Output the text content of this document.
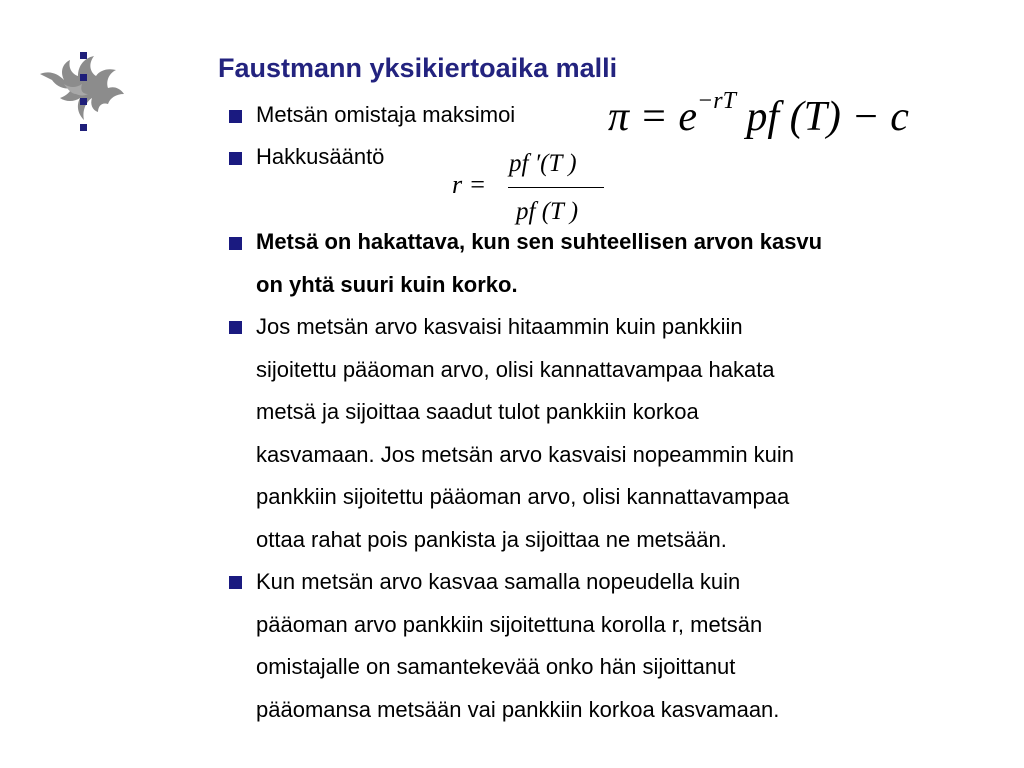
Faustmann yksikiertoaika malli
Metsän omistaja maksimoi
Hakkusääntö
Metsä on hakattava, kun sen suhteellisen arvon kasvu
on yhtä suuri kuin korko.
Jos metsän arvo kasvaisi hitaammin kuin pankkiin
sijoitettu pääoman arvo, olisi kannattavampaa hakata
metsä ja sijoittaa saadut tulot pankkiin korkoa
kasvamaan. Jos metsän arvo kasvaisi nopeammin kuin
pankkiin sijoitettu pääoman arvo, olisi kannattavampaa
ottaa rahat pois pankista ja sijoittaa ne metsään.
Kun metsän arvo kasvaa samalla nopeudella kuin
pääoman arvo pankkiin sijoitettuna korolla r, metsän
omistajalle on samantekevää onko hän sijoittanut
pääomansa metsään vai pankkiin korkoa kasvamaan.
$\pi = e^{-rT}$ pf (T) − c
r =
pf ′(T )
pf (T )
